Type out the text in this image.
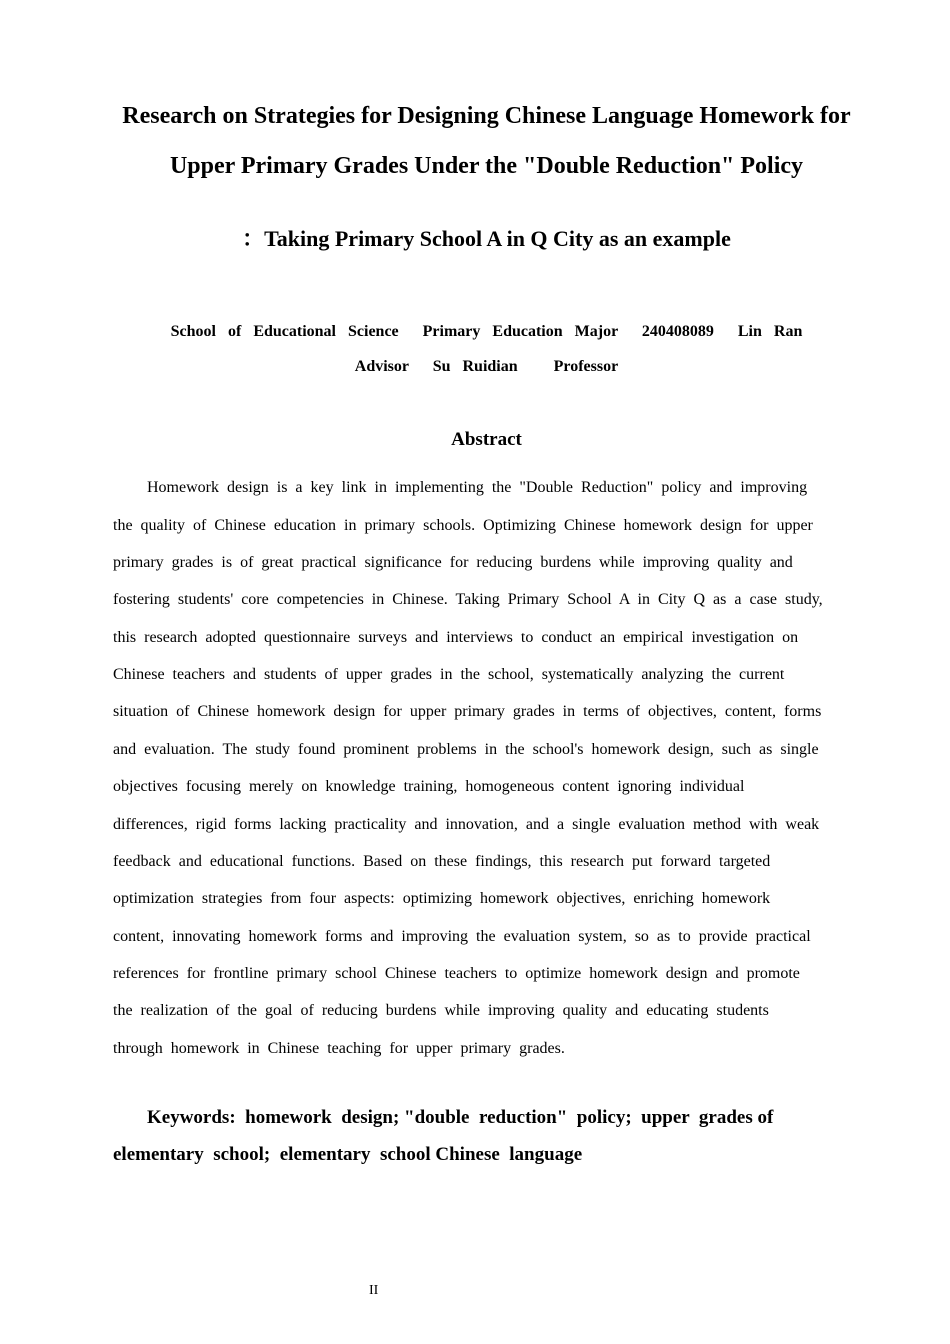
Research on Strategies for Designing Chinese Language Homework for
Upper Primary Grades Under the "Double Reduction" Policy
：Taking Primary School A in Q City as an example
School  of  Educational  Science    Primary  Education  Major    240408089    Lin  Ran
Advisor    Su  Ruidian      Professor
Abstract
Homework design is a key link in implementing the "Double Reduction" policy and improving
the quality of Chinese education in primary schools. Optimizing Chinese homework design for upper
primary grades is of great practical significance for reducing burdens while improving quality and
fostering students' core competencies in Chinese. Taking Primary School A in City Q as a case study,
this research adopted questionnaire surveys and interviews to conduct an empirical investigation on
Chinese teachers and students of upper grades in the school, systematically analyzing the current
situation of Chinese homework design for upper primary grades in terms of objectives, content, forms
and evaluation. The study found prominent problems in the school's homework design, such as single
objectives focusing merely on knowledge training, homogeneous content ignoring individual
differences, rigid forms lacking practicality and innovation, and a single evaluation method with weak
feedback and educational functions. Based on these findings, this research put forward targeted
optimization strategies from four aspects: optimizing homework objectives, enriching homework
content, innovating homework forms and improving the evaluation system, so as to provide practical
references for frontline primary school Chinese teachers to optimize homework design and promote
the realization of the goal of reducing burdens while improving quality and educating students
through homework in Chinese teaching for upper primary grades.
Keywords:  homework  design; "double  reduction"  policy;  upper  grades of
elementary  school;  elementary  school Chinese  language
II
